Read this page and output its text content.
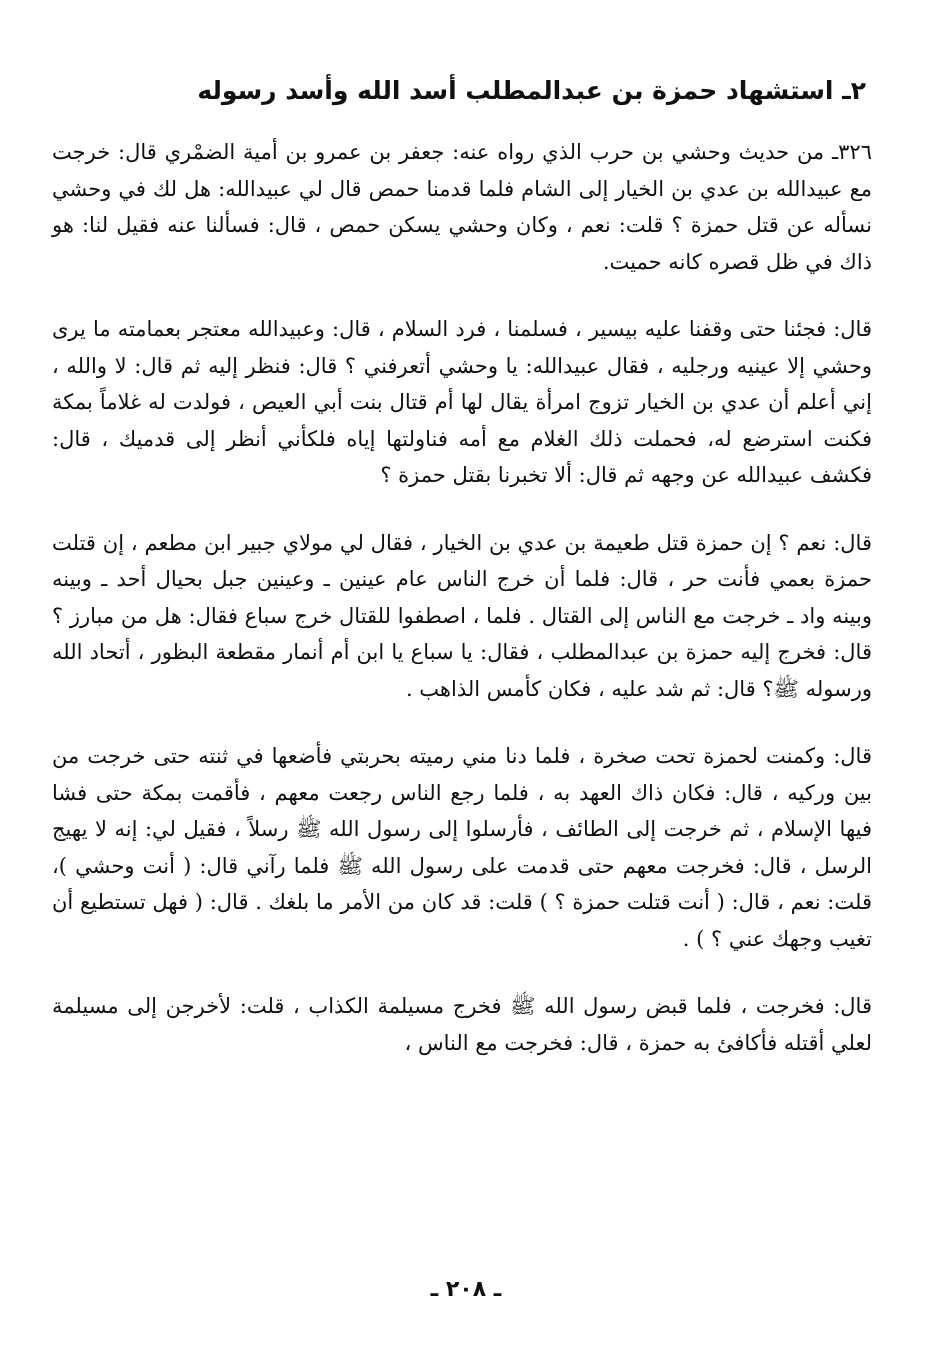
٢ـ استشهاد حمزة بن عبدالمطلب أسد الله وأسد رسوله

٣٢٦ـ من حديث وحشي بن حرب الذي رواه عنه: جعفر بن عمرو بن أمية الضمْري قال: خرجت مع عبيدالله بن عدي بن الخيار إلى الشام فلما قدمنا حمص قال لي عبيدالله: هل لك في وحشي نسأله عن قتل حمزة ؟ قلت: نعم ، وكان وحشي يسكن حمص ، قال: فسألنا عنه فقيل لنا: هو ذاك في ظل قصره كانه حميت.

قال: فجئنا حتى وقفنا عليه بيسير ، فسلمنا ، فرد السلام ، قال: وعبيدالله معتجر بعمامته ما يرى وحشي إلا عينيه ورجليه ، فقال عبيدالله: يا وحشي أتعرفني ؟ قال: فنظر إليه ثم قال: لا والله ، إني أعلم أن عدي بن الخيار تزوج امرأة يقال لها أم قتال بنت أبي العيص ، فولدت له غلاماً بمكة فكنت استرضع له، فحملت ذلك الغلام مع أمه فناولتها إياه فلكأني أنظر إلى قدميك ، قال: فكشف عبيدالله عن وجهه ثم قال: ألا تخبرنا بقتل حمزة ؟

قال: نعم ؟ إن حمزة قتل طعيمة بن عدي بن الخيار ، فقال لي مولاي جبير ابن مطعم ، إن قتلت حمزة بعمي فأنت حر ، قال: فلما أن خرج الناس عام عينين ـ وعينين جبل بحيال أحد ـ وبينه وبينه واد ـ خرجت مع الناس إلى القتال . فلما ، اصطفوا للقتال خرج سباع فقال: هل من مبارز ؟ قال: فخرج إليه حمزة بن عبدالمطلب ، فقال: يا سباع يا ابن أم أنمار مقطعة البظور ، أتحاد الله ورسوله ﷺ؟ قال: ثم شد عليه ، فكان كأمس الذاهب .

قال: وكمنت لحمزة تحت صخرة ، فلما دنا مني رميته بحربتي فأضعها في ثنته حتى خرجت من بين وركيه ، قال: فكان ذاك العهد به ، فلما رجع الناس رجعت معهم ، فأقمت بمكة حتى فشا فيها الإسلام ، ثم خرجت إلى الطائف ، فأرسلوا إلى رسول الله ﷺ رسلاً ، فقيل لي: إنه لا يهيج الرسل ، قال: فخرجت معهم حتى قدمت على رسول الله ﷺ فلما رآني قال: ( أنت وحشي )، قلت: نعم ، قال: ( أنت قتلت حمزة ؟ ) قلت: قد كان من الأمر ما بلغك . قال: ( فهل تستطيع أن تغيب وجهك عني ؟ ) .

قال: فخرجت ، فلما قبض رسول الله ﷺ فخرج مسيلمة الكذاب ، قلت: لأخرجن إلى مسيلمة لعلي أقتله فأكافئ به حمزة ، قال: فخرجت مع الناس ،

ـ ٢٠٨ ـ
